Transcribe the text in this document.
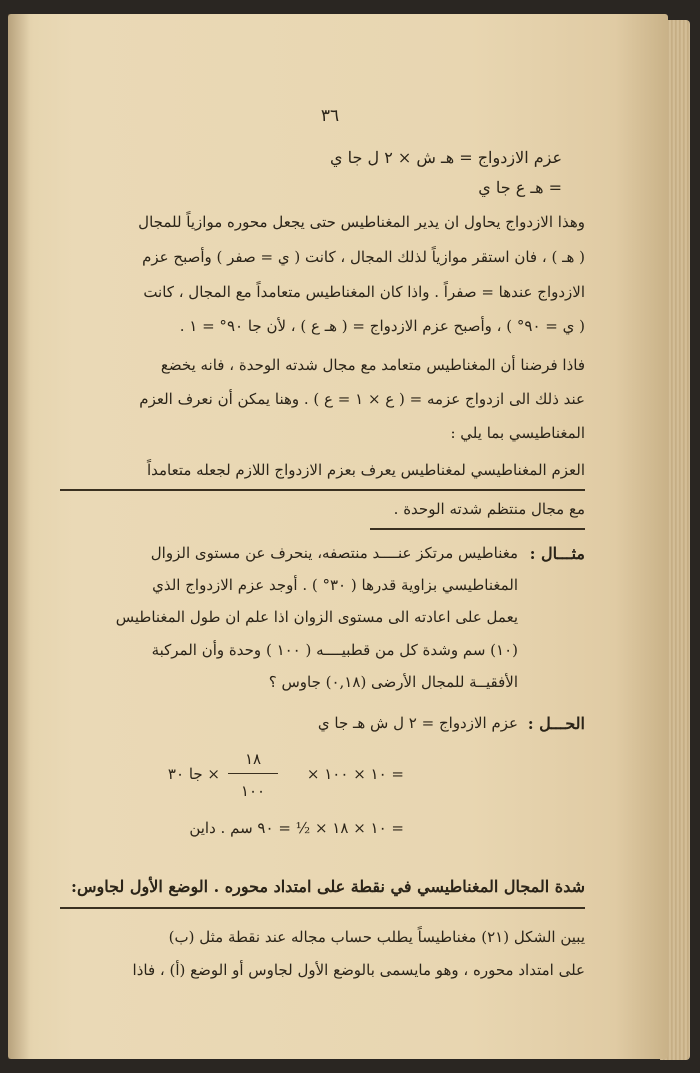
٣٦
عزم الازدواج = هـ ش × ٢ ل جا ي
= هـ ع جا ي
وهذا الازدواج يحاول ان يدير المغناطيس حتى يجعل محوره موازياً للمجال
( هـ ) ، فان استقر موازياً لذلك المجال ، كانت ( ي = صفر ) وأصبح عزم
الازدواج عندها = صفراً . واذا كان المغناطيس متعامداً مع المجال ، كانت
( ي = ٩٠° ) ، وأصبح عزم الازدواج = ( هـ ع ) ، لأن جا ٩٠° = ١ .
فاذا فرضنا أن المغناطيس متعامد مع مجال شدته الوحدة ، فانه يخضع
عند ذلك الى ازدواج عزمه = ( ع × ١ = ع ) . وهنا يمكن أن نعرف العزم
المغناطيسي بما يلي :
العزم المغناطيسي لمغناطيس يعرف بعزم الازدواج اللازم لجعله متعامداً
مع مجال منتظم شدته الوحدة .
مثـــال :
مغناطيس مرتكز عنــــد منتصفه، ينحرف عن مستوى الزوال
المغناطيسي بزاوية قدرها ( ٣٠° ) . أوجد عزم الازدواج الذي
يعمل على اعادته الى مستوى الزوان اذا علم ان طول المغناطيس
(١٠) سم وشدة كل من قطبيــــه ( ١٠٠ ) وحدة وأن المركبة
الأفقيــة للمجال الأرضى (٠,١٨) جاوس ؟
الحـــل :
عزم الازدواج = ٢ ل ش هـ جا ي
= ١٠ × ١٠٠ ×
١٨
١٠٠
× جا ٣٠
= ١٠ × ١٨ × ½ = ٩٠ سم . داين
شدة المجال المغناطيسي في نقطة على امتداد محوره . الوضع الأول لجاوس:
يبين الشكل (٢١) مغناطيساً يطلب حساب مجاله عند نقطة مثل (ب)
على امتداد محوره ، وهو مايسمى بالوضع الأول لجاوس أو الوضع (أ) ، فاذا
